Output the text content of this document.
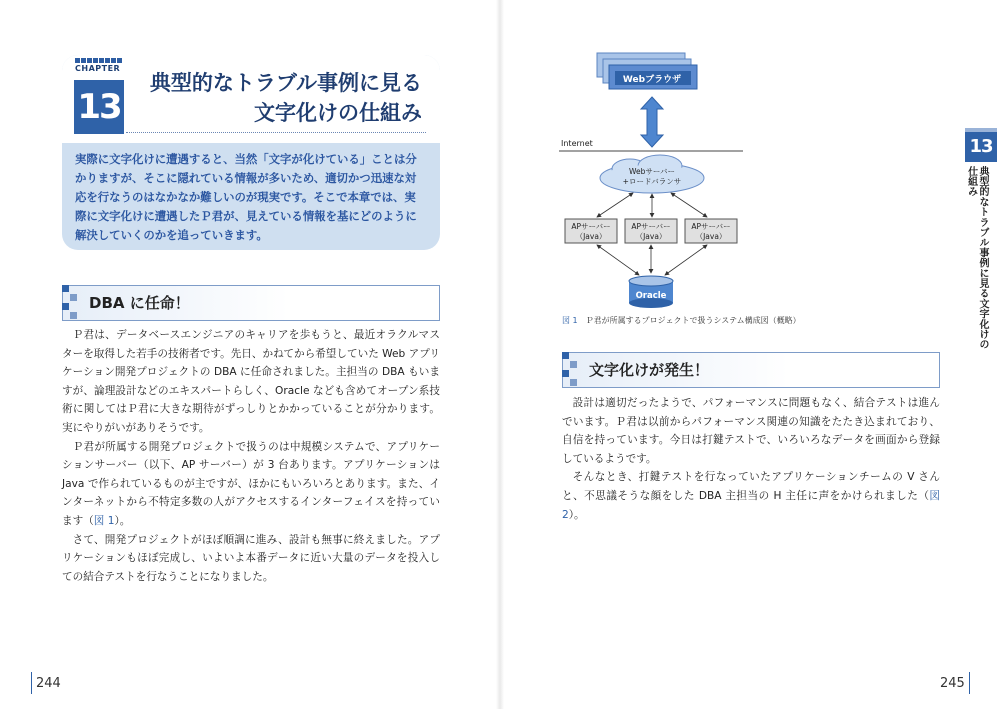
CHAPTER
13
典型的なトラブル事例に見る
文字化けの仕組み
実際に文字化けに遭遇すると、当然「文字が化けている」ことは分かりますが、そこに隠れている情報が多いため、適切かつ迅速な対応を行なうのはなかなか難しいのが現実です。そこで本章では、実際に文字化けに遭遇したＰ君が、見えている情報を基にどのように解決していくのかを追っていきます。
DBA に任命！

Ｐ君は、データベースエンジニアのキャリアを歩もうと、最近オラクルマスターを取得した若手の技術者です。先日、かねてから希望していた Web アプリケーション開発プロジェクトの DBA に任命されました。主担当の DBA もいますが、論理設計などのエキスパートらしく、Oracle なども含めてオープン系技術に関してはＰ君に大きな期待がずっしりとかかっていることが分かります。実にやりがいがありそうです。

Ｐ君が所属する開発プロジェクトで扱うのは中規模システムで、アプリケーションサーバー（以下、AP サーバー）が 3 台あります。アプリケーションは Java で作られているものが主ですが、ほかにもいろいろとあります。また、インターネットから不特定多数の人がアクセスするインターフェイスを持っています（図 1）。

さて、開発プロジェクトがほぼ順調に進み、設計も無事に終えました。アプリケーションもほぼ完成し、いよいよ本番データに近い大量のデータを投入しての結合テストを行なうことになりました。

244
Webブラウザ
Internet
Webサーバー
+ロードバランサ
APサーバー
（Java）
APサーバー
（Java）
APサーバー
（Java）
Oracle
図 1　 Ｐ君が所属するプロジェクトで扱うシステム構成図（概略）
文字化けが発生！

設計は適切だったようで、パフォーマンスに問題もなく、結合テストは進んでいます。Ｐ君は以前からパフォーマンス関連の知識をたたき込まれており、自信を持っています。今日は打鍵テストで、いろいろなデータを画面から登録しているようです。

そんなとき、打鍵テストを行なっていたアプリケーションチームの V さんと、不思議そうな顔をした DBA 主担当の H 主任に声をかけられました（図 2）。

13
典型的なトラブル事例に見る文字化けの仕組み
245
